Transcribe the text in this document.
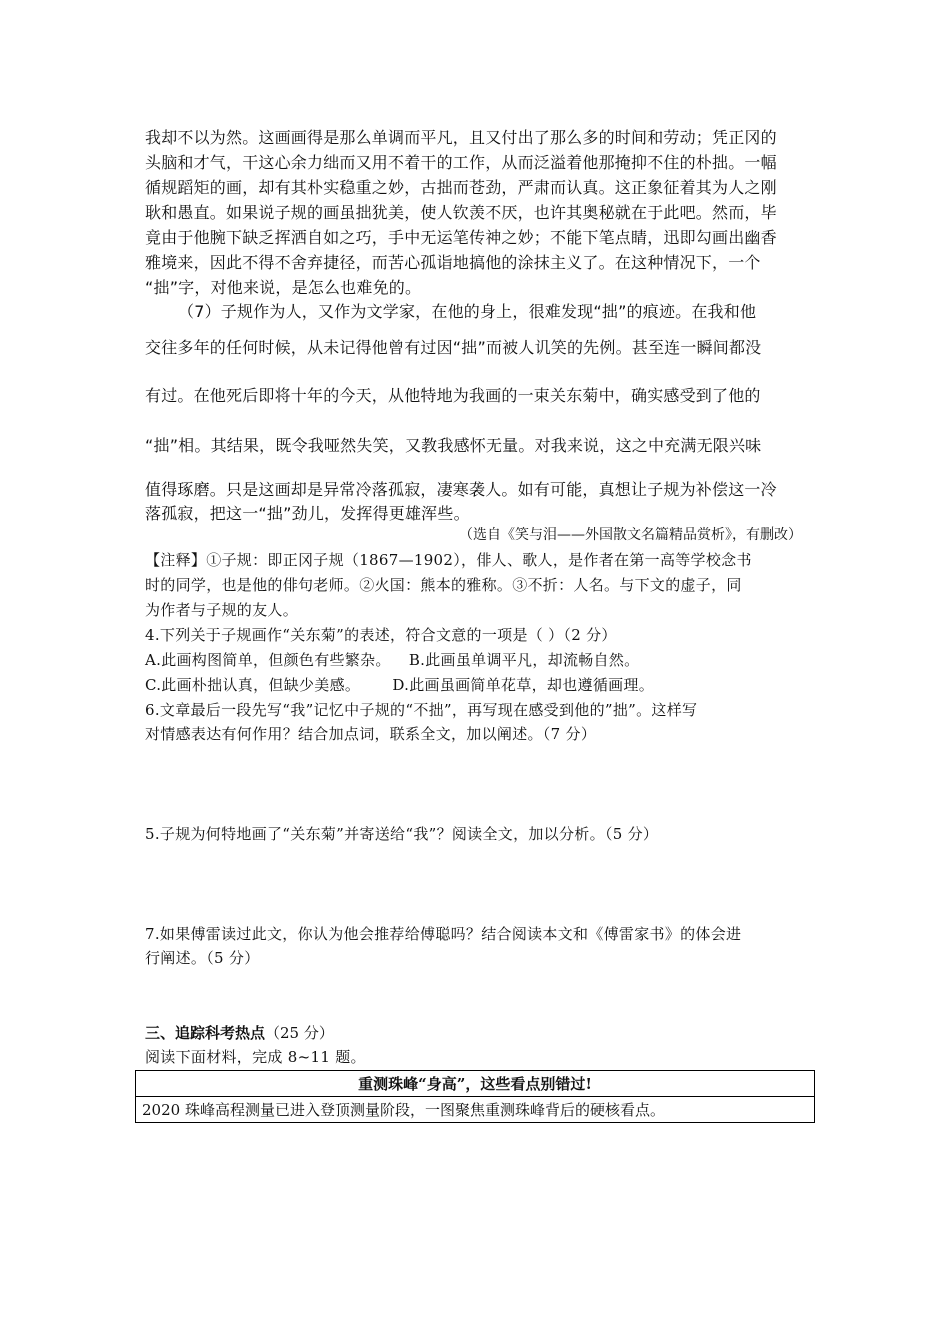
我却不以为然。这画画得是那么单调而平凡，且又付出了那么多的时间和劳动；凭正冈的
头脑和才气，干这心余力绌而又用不着干的工作，从而泛溢着他那掩抑不住的朴拙。一幅
循规蹈矩的画，却有其朴实稳重之妙，古拙而苍劲，严肃而认真。这正象征着其为人之刚
耿和愚直。如果说子规的画虽拙犹美，使人钦羡不厌，也许其奥秘就在于此吧。然而，毕
竟由于他腕下缺乏挥洒自如之巧，手中无运笔传神之妙；不能下笔点睛，迅即勾画出幽香
雅境来，因此不得不舍弃捷径，而苦心孤诣地搞他的涂抹主义了。在这种情况下，一个
“拙”字，对他来说，是怎么也难免的。
（7）子规作为人，又作为文学家，在他的身上，很难发现“拙”的痕迹。在我和他
交往多年的任何时候，从未记得他曾有过因“拙”而被人讥笑的先例。甚至连一瞬间都没
有过。在他死后即将十年的今天，从他特地为我画的一束关东菊中，确实感受到了他的
“拙”相。其结果，既令我哑然失笑，又教我感怀无量。对我来说，这之中充满无限兴味
值得琢磨。只是这画却是异常冷落孤寂，凄寒袭人。如有可能，真想让子规为补偿这一冷
落孤寂，把这一“拙”劲儿，发挥得更雄浑些。
（选自《笑与泪——外国散文名篇精品赏析》，有删改）
【注释】①子规：即正冈子规（1867—1902），俳人、歌人，是作者在第一高等学校念书
时的同学，也是他的俳句老师。②火国：熊本的雅称。③不折：人名。与下文的虚子，同
为作者与子规的友人。
4.下列关于子规画作“关东菊”的表述，符合文意的一项是（ ）（2 分）
A.此画构图简单，但颜色有些繁杂。 B.此画虽单调平凡，却流畅自然。
C.此画朴拙认真，但缺少美感。 D.此画虽画简单花草，却也遵循画理。
6.文章最后一段先写“我”记忆中子规的“不拙”，再写现在感受到他的”拙”。这样写
对情感表达有何作用？结合加点词，联系全文，加以阐述。（7 分）
5.子规为何特地画了“关东菊”并寄送给“我”？阅读全文，加以分析。（5 分）
7.如果傅雷读过此文，你认为他会推荐给傅聪吗？结合阅读本文和《傅雷家书》的体会进
行阐述。（5 分）
三、追踪科考热点（25 分）
阅读下面材料，完成 8~11 题。
重测珠峰“身高”，这些看点别错过!
2020 珠峰高程测量已进入登顶测量阶段，一图聚焦重测珠峰背后的硬核看点。
